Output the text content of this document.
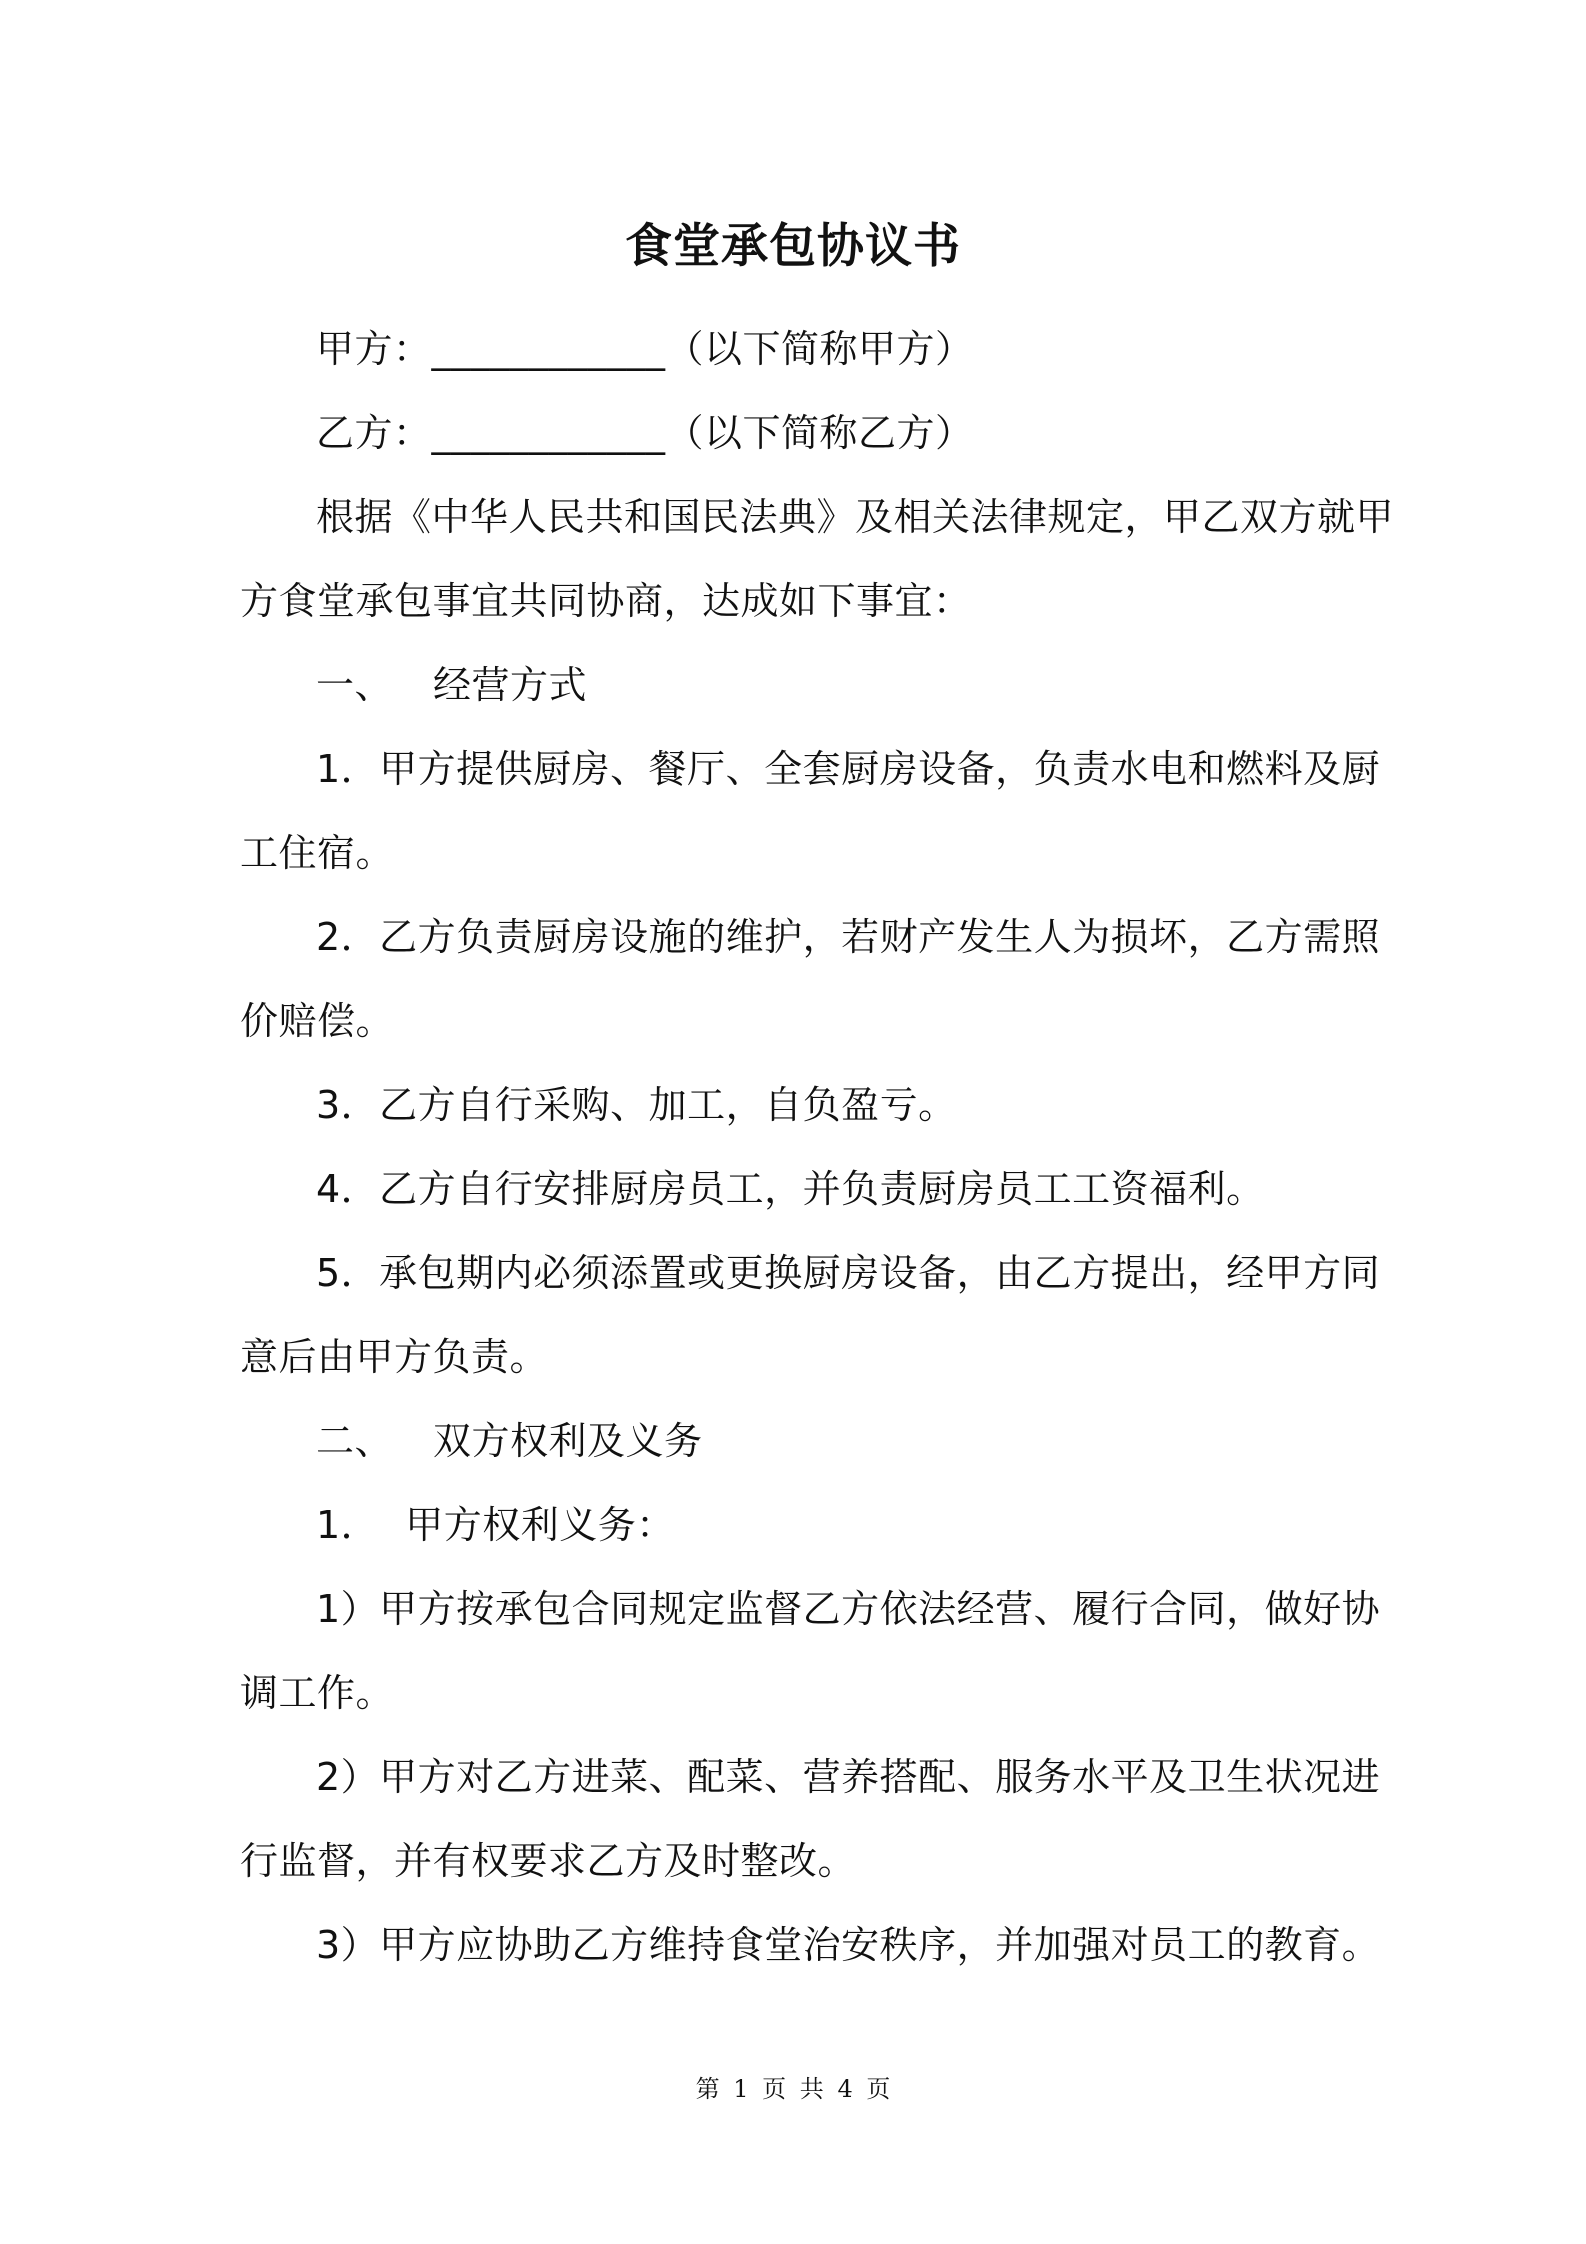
食堂承包协议书
甲方：____________（以下简称甲方）
乙方：____________（以下简称乙方）
根据《中华人民共和国民法典》及相关法律规定，甲乙双方就甲
方食堂承包事宜共同协商，达成如下事宜：
一、 经营方式
1．甲方提供厨房、餐厅、全套厨房设备，负责水电和燃料及厨
工住宿。
2．乙方负责厨房设施的维护，若财产发生人为损坏，乙方需照
价赔偿。
3．乙方自行采购、加工，自负盈亏。
4．乙方自行安排厨房员工，并负责厨房员工工资福利。
5．承包期内必须添置或更换厨房设备，由乙方提出，经甲方同
意后由甲方负责。
二、 双方权利及义务
1． 甲方权利义务：
1）甲方按承包合同规定监督乙方依法经营、履行合同，做好协
调工作。
2）甲方对乙方进菜、配菜、营养搭配、服务水平及卫生状况进
行监督，并有权要求乙方及时整改。
3）甲方应协助乙方维持食堂治安秩序，并加强对员工的教育。
第 1 页 共 4 页
